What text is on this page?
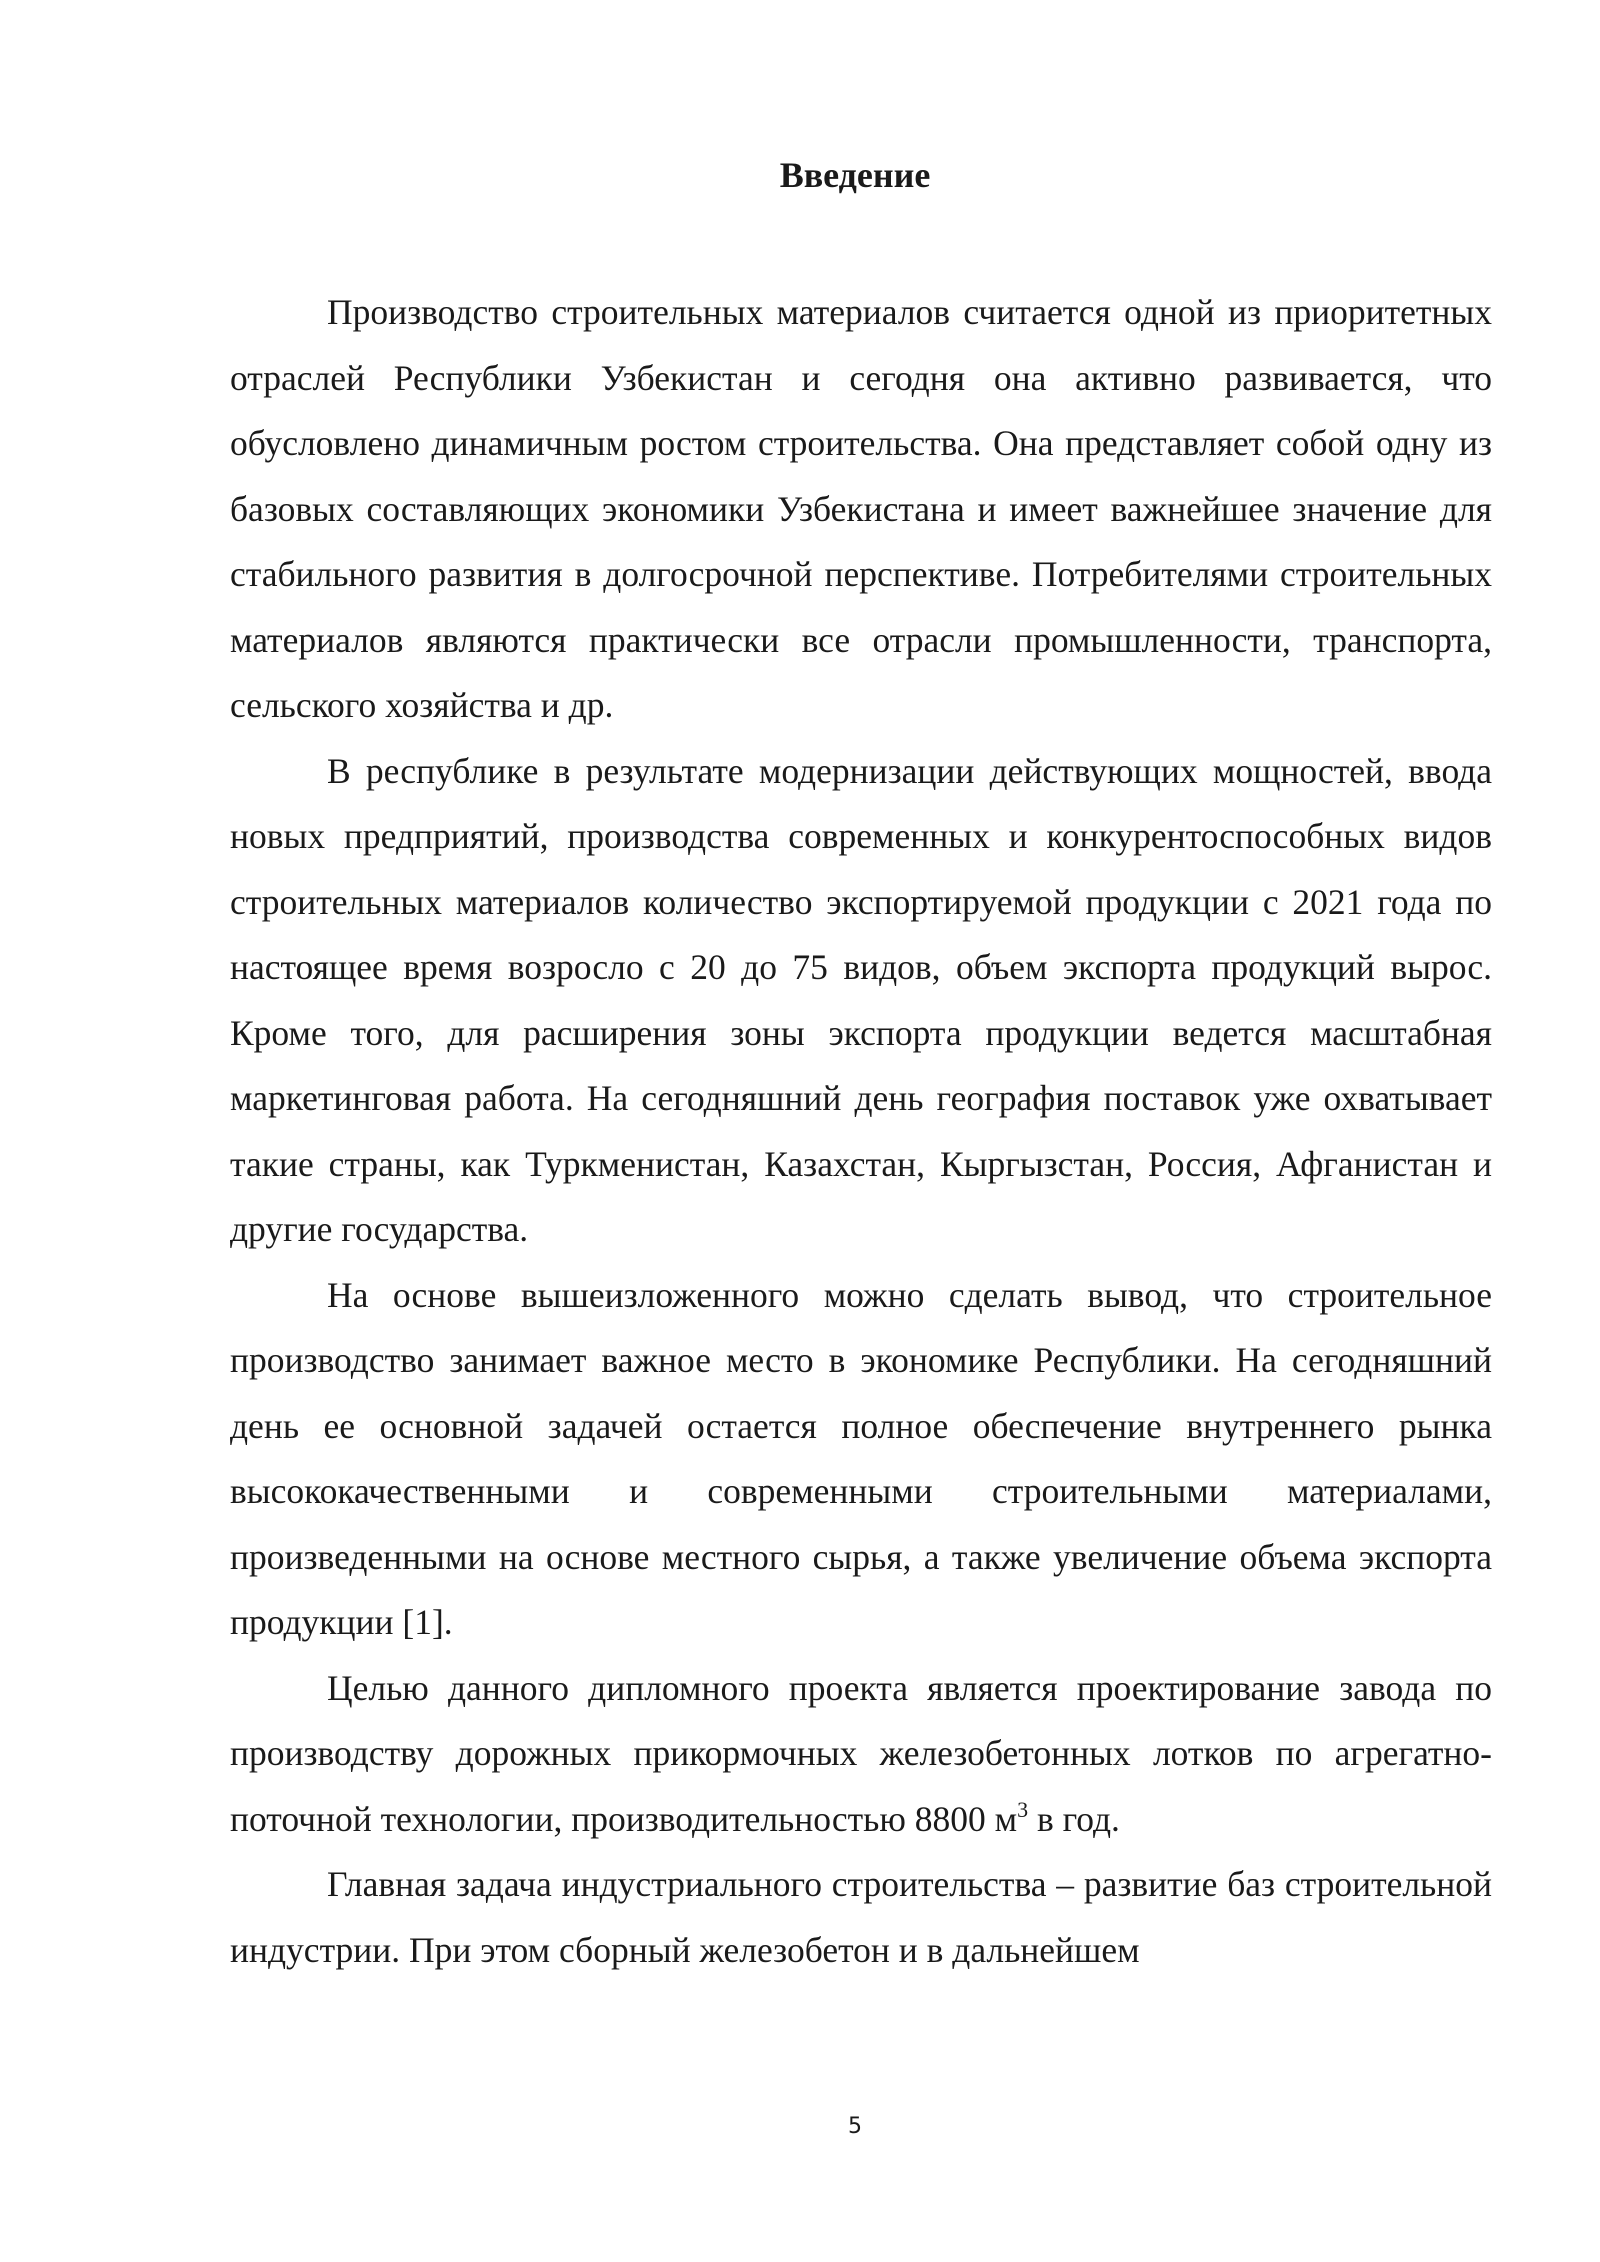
Введение

Производство строительных материалов считается одной из приоритетных отраслей Республики Узбекистан и сегодня она активно развивается, что обусловлено динамичным ростом строительства. Она представляет собой одну из базовых составляющих экономики Узбекистана и имеет важнейшее значение для стабильного развития в долгосрочной перспективе. Потребителями строительных материалов являются практически все отрасли промышленности, транспорта, сельского хозяйства и др.

В республике в результате модернизации действующих мощностей, ввода новых предприятий, производства современных и конкурентоспособных видов строительных материалов количество экспортируемой продукции с 2021 года по настоящее время возросло с 20 до 75 видов, объем экспорта продукций вырос. Кроме того, для расширения зоны экспорта продукции ведется масштабная маркетинговая работа. На сегодняшний день география поставок уже охватывает такие страны, как Туркменистан, Казахстан, Кыргызстан, Россия, Афганистан и другие государства.

На основе вышеизложенного можно сделать вывод, что строительное производство занимает важное место в экономике Республики. На сегодняшний день ее основной задачей остается полное обеспечение внутреннего рынка высококачественными и современными строительными материалами, произведенными на основе местного сырья, а также увеличение объема экспорта продукции [1].

Целью данного дипломного проекта является проектирование завода по производству дорожных прикормочных железобетонных лотков по агрегатно-поточной технологии, производительностью 8800 $м^3$ в год.

Главная задача индустриального строительства – развитие баз строительной индустрии. При этом сборный железобетон и в дальнейшем

5
